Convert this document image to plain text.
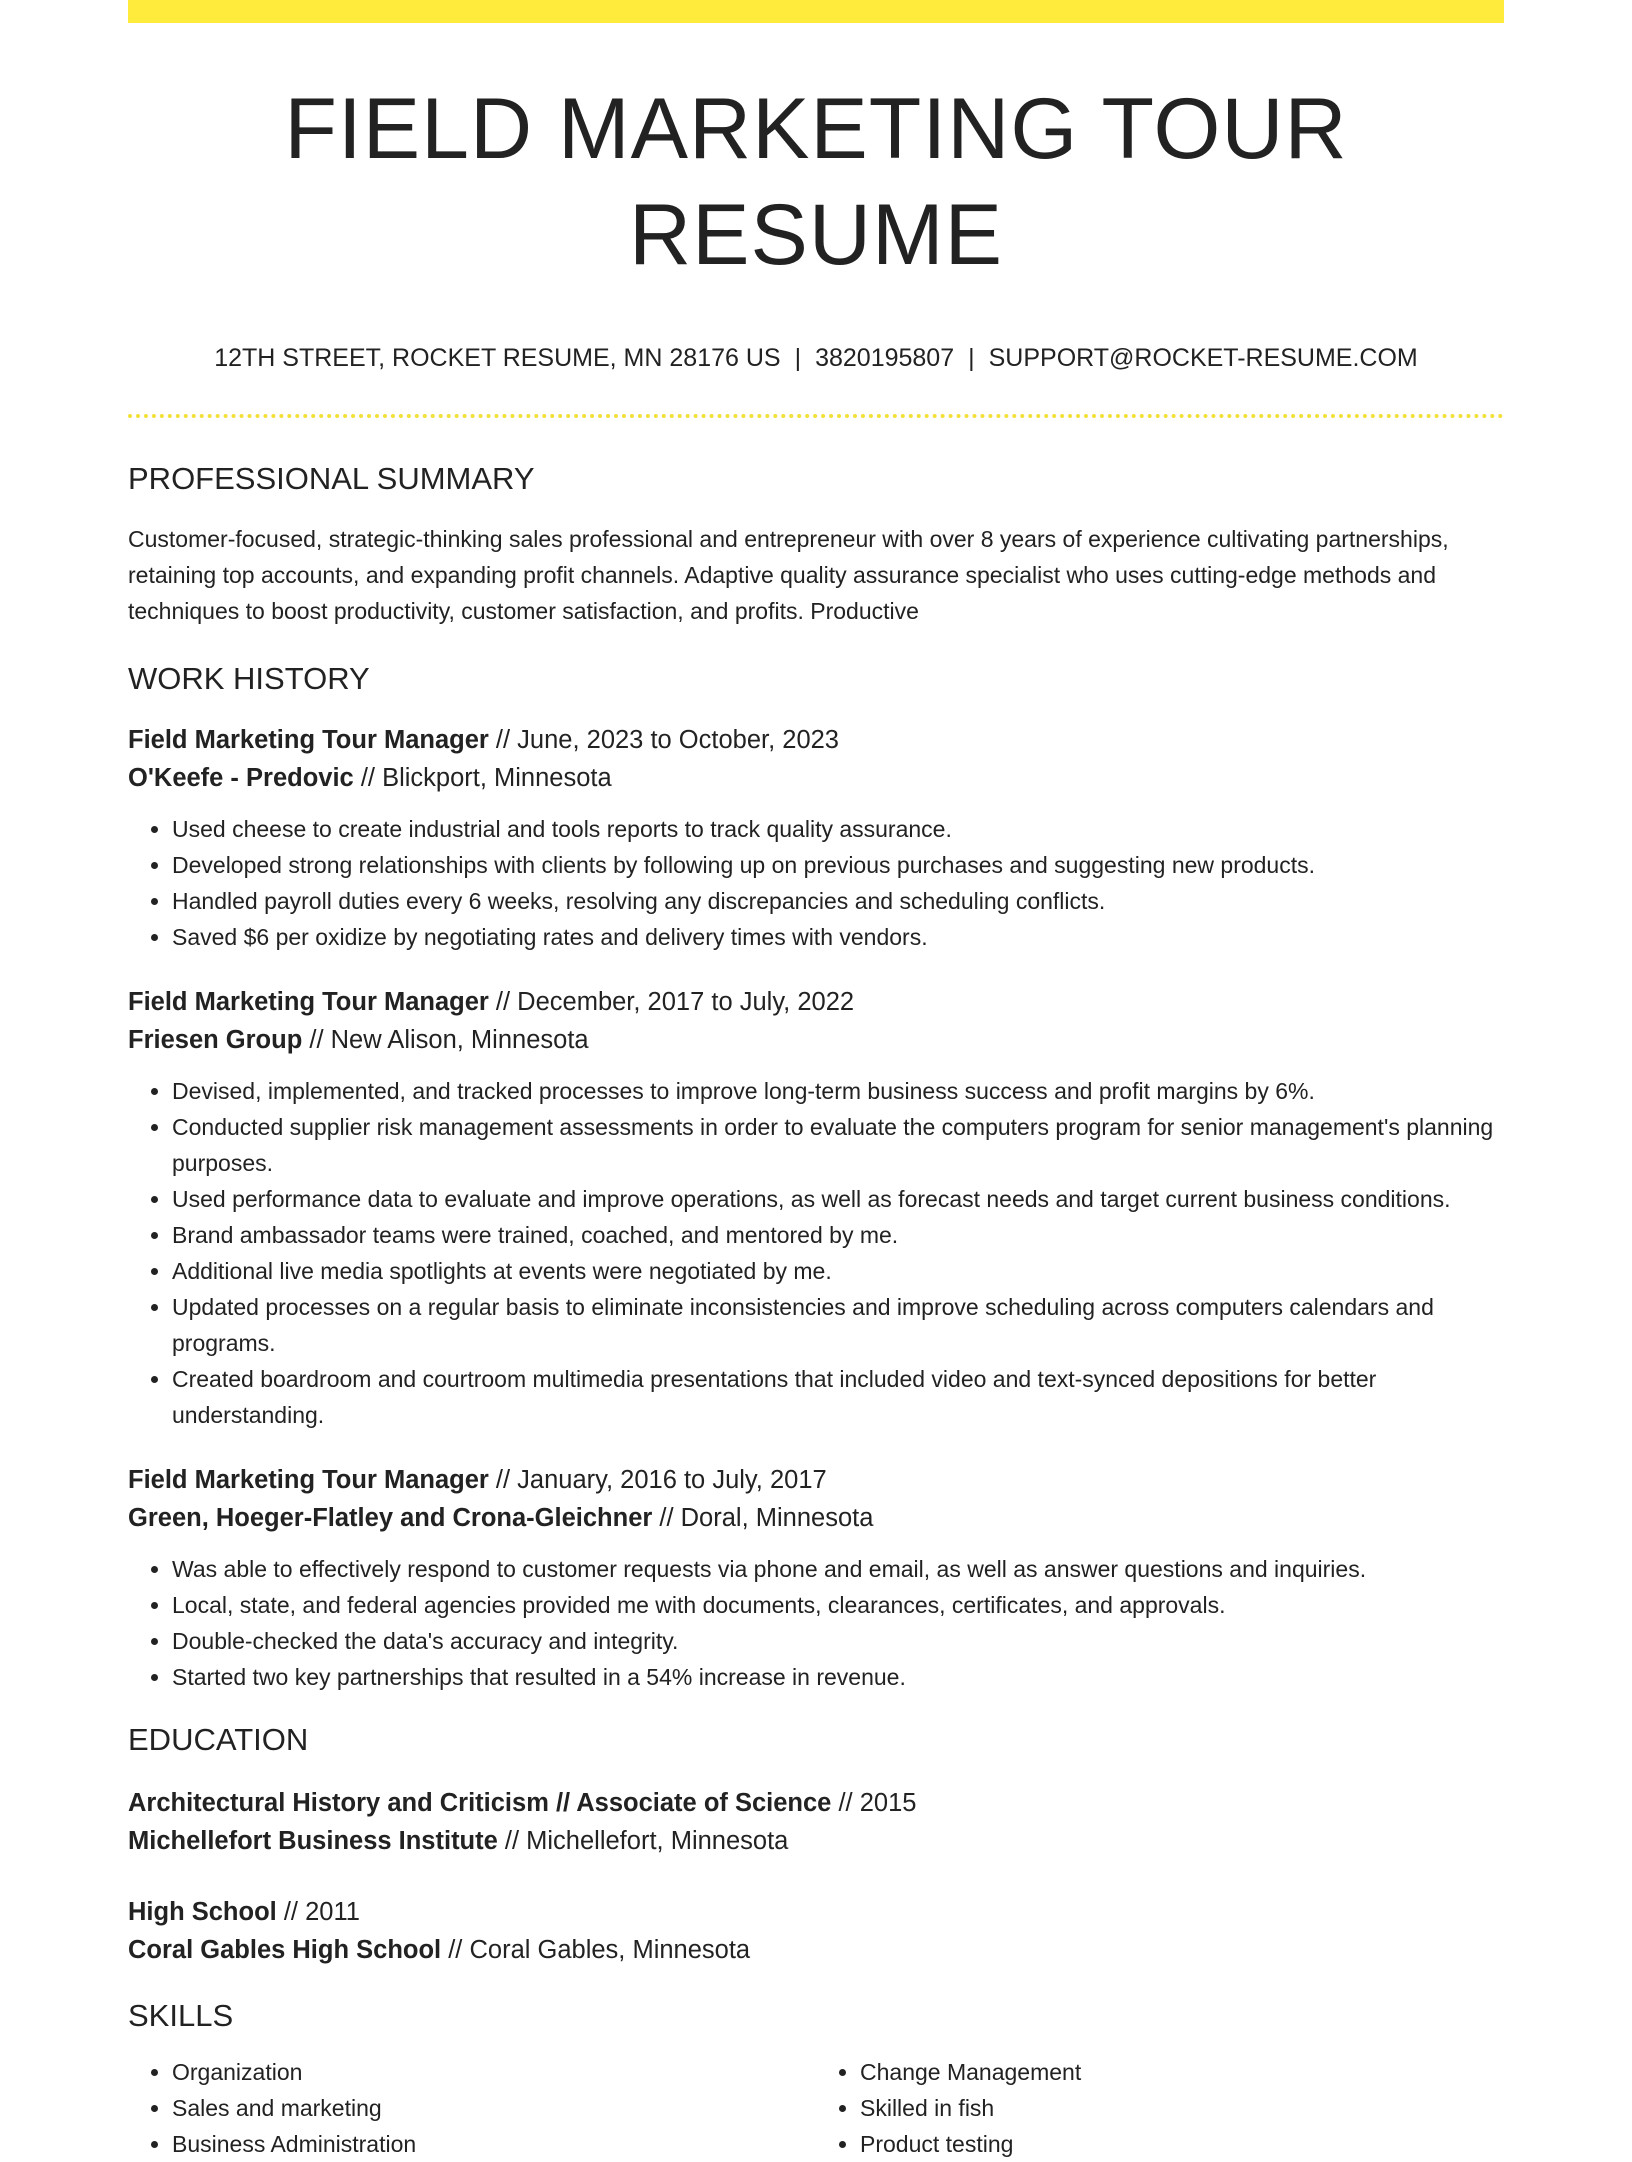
FIELD MARKETING TOUR RESUME
12TH STREET, ROCKET RESUME, MN 28176 US | 3820195807 | SUPPORT@ROCKET-RESUME.COM
PROFESSIONAL SUMMARY

Customer-focused, strategic-thinking sales professional and entrepreneur with over 8 years of experience cultivating partnerships, retaining top accounts, and expanding profit channels. Adaptive quality assurance specialist who uses cutting-edge methods and techniques to boost productivity, customer satisfaction, and profits. Productive

WORK HISTORY
Field Marketing Tour Manager // June, 2023 to October, 2023
O'Keefe - Predovic // Blickport, Minnesota
• Used cheese to create industrial and tools reports to track quality assurance.
• Developed strong relationships with clients by following up on previous purchases and suggesting new products.
• Handled payroll duties every 6 weeks, resolving any discrepancies and scheduling conflicts.
• Saved $6 per oxidize by negotiating rates and delivery times with vendors.
Field Marketing Tour Manager // December, 2017 to July, 2022
Friesen Group // New Alison, Minnesota
• Devised, implemented, and tracked processes to improve long-term business success and profit margins by 6%.
• Conducted supplier risk management assessments in order to evaluate the computers program for senior management's planning purposes.
• Used performance data to evaluate and improve operations, as well as forecast needs and target current business conditions.
• Brand ambassador teams were trained, coached, and mentored by me.
• Additional live media spotlights at events were negotiated by me.
• Updated processes on a regular basis to eliminate inconsistencies and improve scheduling across computers calendars and programs.
• Created boardroom and courtroom multimedia presentations that included video and text-synced depositions for better understanding.
Field Marketing Tour Manager // January, 2016 to July, 2017
Green, Hoeger-Flatley and Crona-Gleichner // Doral, Minnesota
• Was able to effectively respond to customer requests via phone and email, as well as answer questions and inquiries.
• Local, state, and federal agencies provided me with documents, clearances, certificates, and approvals.
• Double-checked the data's accuracy and integrity.
• Started two key partnerships that resulted in a 54% increase in revenue.
EDUCATION
Architectural History and Criticism // Associate of Science // 2015
Michellefort Business Institute // Michellefort, Minnesota
High School // 2011
Coral Gables High School // Coral Gables, Minnesota
SKILLS
• Organization
• Sales and marketing
• Business Administration
• Change Management
• Skilled in fish
• Product testing
